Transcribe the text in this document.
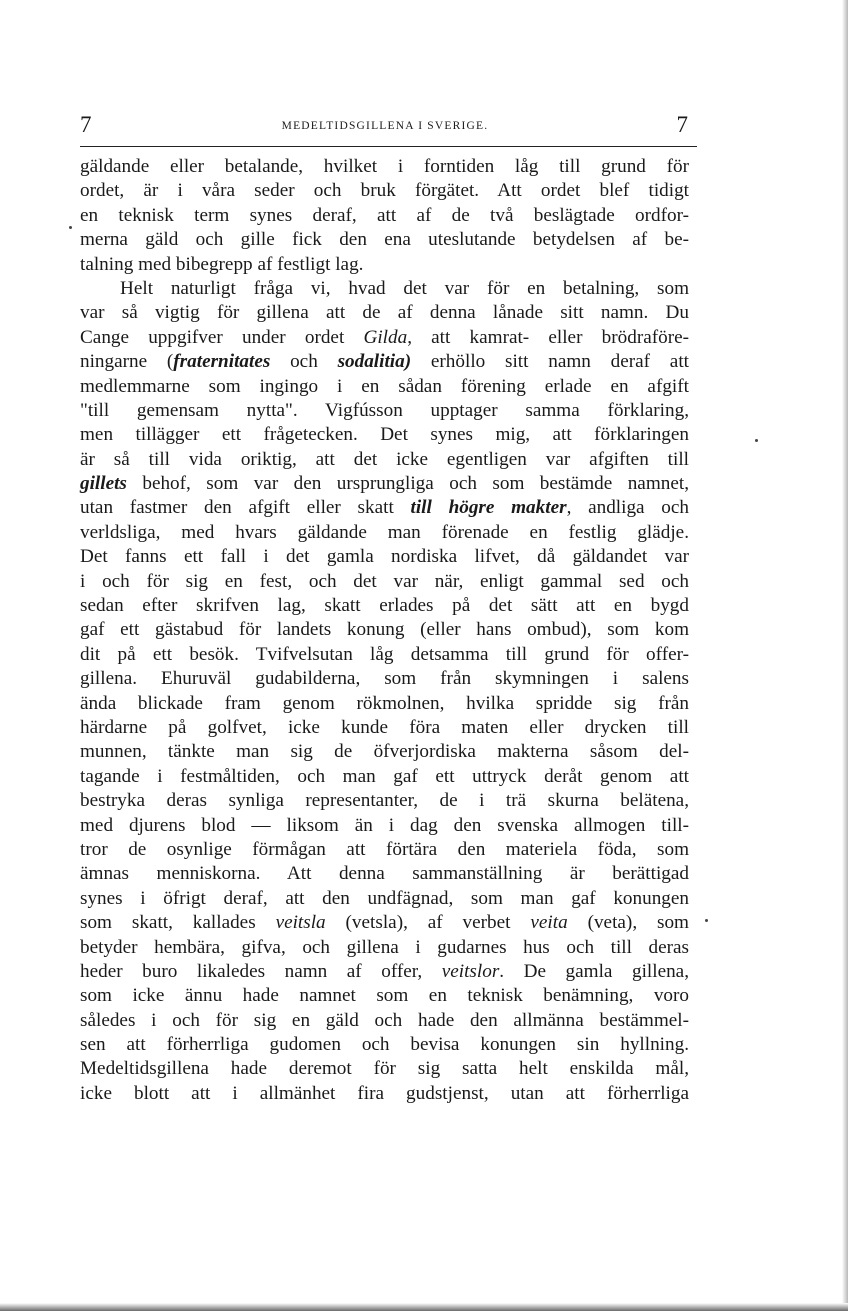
7	MEDELTIDSGILLENA I SVERIGE.	7
gäldande eller betalande, hvilket i forntiden låg till grund för
ordet, är i våra seder och bruk förgätet. Att ordet blef tidigt
en teknisk term synes deraf, att af de två beslägtade ordfor-
merna gäld och gille fick den ena uteslutande betydelsen af be-
talning med bibegrepp af festligt lag.
Helt naturligt fråga vi, hvad det var för en betalning, som
var så vigtig för gillena att de af denna lånade sitt namn. Du
Cange uppgifver under ordet Gilda, att kamrat- eller brödraföre-
ningarne (fraternitates och sodalitia) erhöllo sitt namn deraf att
medlemmarne som ingingo i en sådan förening erlade en afgift
"till gemensam nytta". Vigfússon upptager samma förklaring,
men tillägger ett frågetecken. Det synes mig, att förklaringen
är så till vida oriktig, att det icke egentligen var afgiften till
gillets behof, som var den ursprungliga och som bestämde namnet,
utan fastmer den afgift eller skatt till högre makter, andliga och
verldsliga, med hvars gäldande man förenade en festlig glädje.
Det fanns ett fall i det gamla nordiska lifvet, då gäldandet var
i och för sig en fest, och det var när, enligt gammal sed och
sedan efter skrifven lag, skatt erlades på det sätt att en bygd
gaf ett gästabud för landets konung (eller hans ombud), som kom
dit på ett besök. Tvifvelsutan låg detsamma till grund för offer-
gillena. Ehuruväl gudabilderna, som från skymningen i salens
ända blickade fram genom rökmolnen, hvilka spridde sig från
härdarne på golfvet, icke kunde föra maten eller drycken till
munnen, tänkte man sig de öfverjordiska makterna såsom del-
tagande i festmåltiden, och man gaf ett uttryck deråt genom att
bestryka deras synliga representanter, de i trä skurna belätena,
med djurens blod — liksom än i dag den svenska allmogen till-
tror de osynlige förmågan att förtära den materiela föda, som
ämnas menniskorna. Att denna sammanställning är berättigad
synes i öfrigt deraf, att den undfägnad, som man gaf konungen
som skatt, kallades veitsla (vetsla), af verbet veita (veta), som
betyder hembära, gifva, och gillena i gudarnes hus och till deras
heder buro likaledes namn af offer, veitslor. De gamla gillena,
som icke ännu hade namnet som en teknisk benämning, voro
således i och för sig en gäld och hade den allmänna bestämmel-
sen att förherrliga gudomen och bevisa konungen sin hyllning.
Medeltidsgillena hade deremot för sig satta helt enskilda mål,
icke blott att i allmänhet fira gudstjenst, utan att förherrliga
